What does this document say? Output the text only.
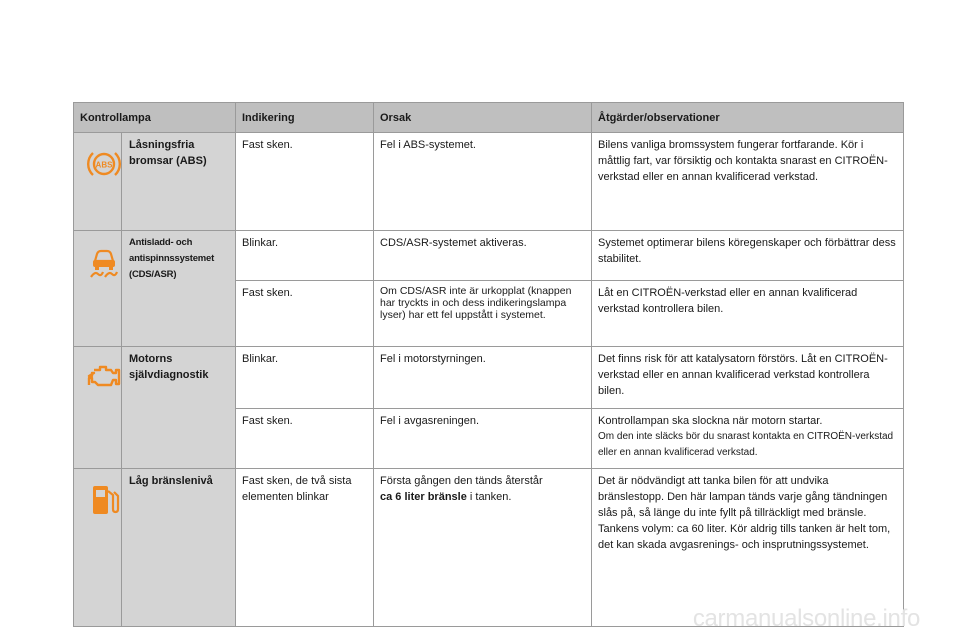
Kontrollampa		Indikering	Orsak	Åtgärder/observationer

ABS	Låsningsfria bromsar (ABS)	Fast sken.	Fel i ABS-systemet.	Bilens vanliga bromssystem fungerar fortfarande. Kör i måttlig fart, var försiktig och kontakta snarast en CITROËN-verkstad eller en annan kvalificerad verkstad.

	Antisladd- och antispinnssystemet (CDS/ASR)	Blinkar.	CDS/ASR-systemet aktiveras.	Systemet optimerar bilens köregenskaper och förbättrar dess stabilitet.
		Fast sken.	Om CDS/ASR inte är urkopplat (knappen har tryckts in och dess indikeringslampa lyser) har ett fel uppstått i systemet.	Låt en CITROËN-verkstad eller en annan kvalificerad verkstad kontrollera bilen.

	Motorns självdiagnostik	Blinkar.	Fel i motorstyrningen.	Det finns risk för att katalysatorn förstörs. Låt en CITROËN-verkstad eller en annan kvalificerad verkstad kontrollera bilen.
		Fast sken.	Fel i avgasreningen.	Kontrollampan ska slockna när motorn startar.
Om den inte släcks bör du snarast kontakta en CITROËN-verkstad eller en annan kvalificerad verkstad.

	Låg bränslenivå	Fast sken, de två sista elementen blinkar	Första gången den tänds återstår
ca 6 liter bränsle i tanken.	Det är nödvändigt att tanka bilen för att undvika bränslestopp. Den här lampan tänds varje gång tändningen slås på, så länge du inte fyllt på tillräckligt med bränsle. Tankens volym: ca 60 liter. Kör aldrig tills tanken är helt tom, det kan skada avgasrenings- och insprutningssystemet.
carmanualsonline.info
